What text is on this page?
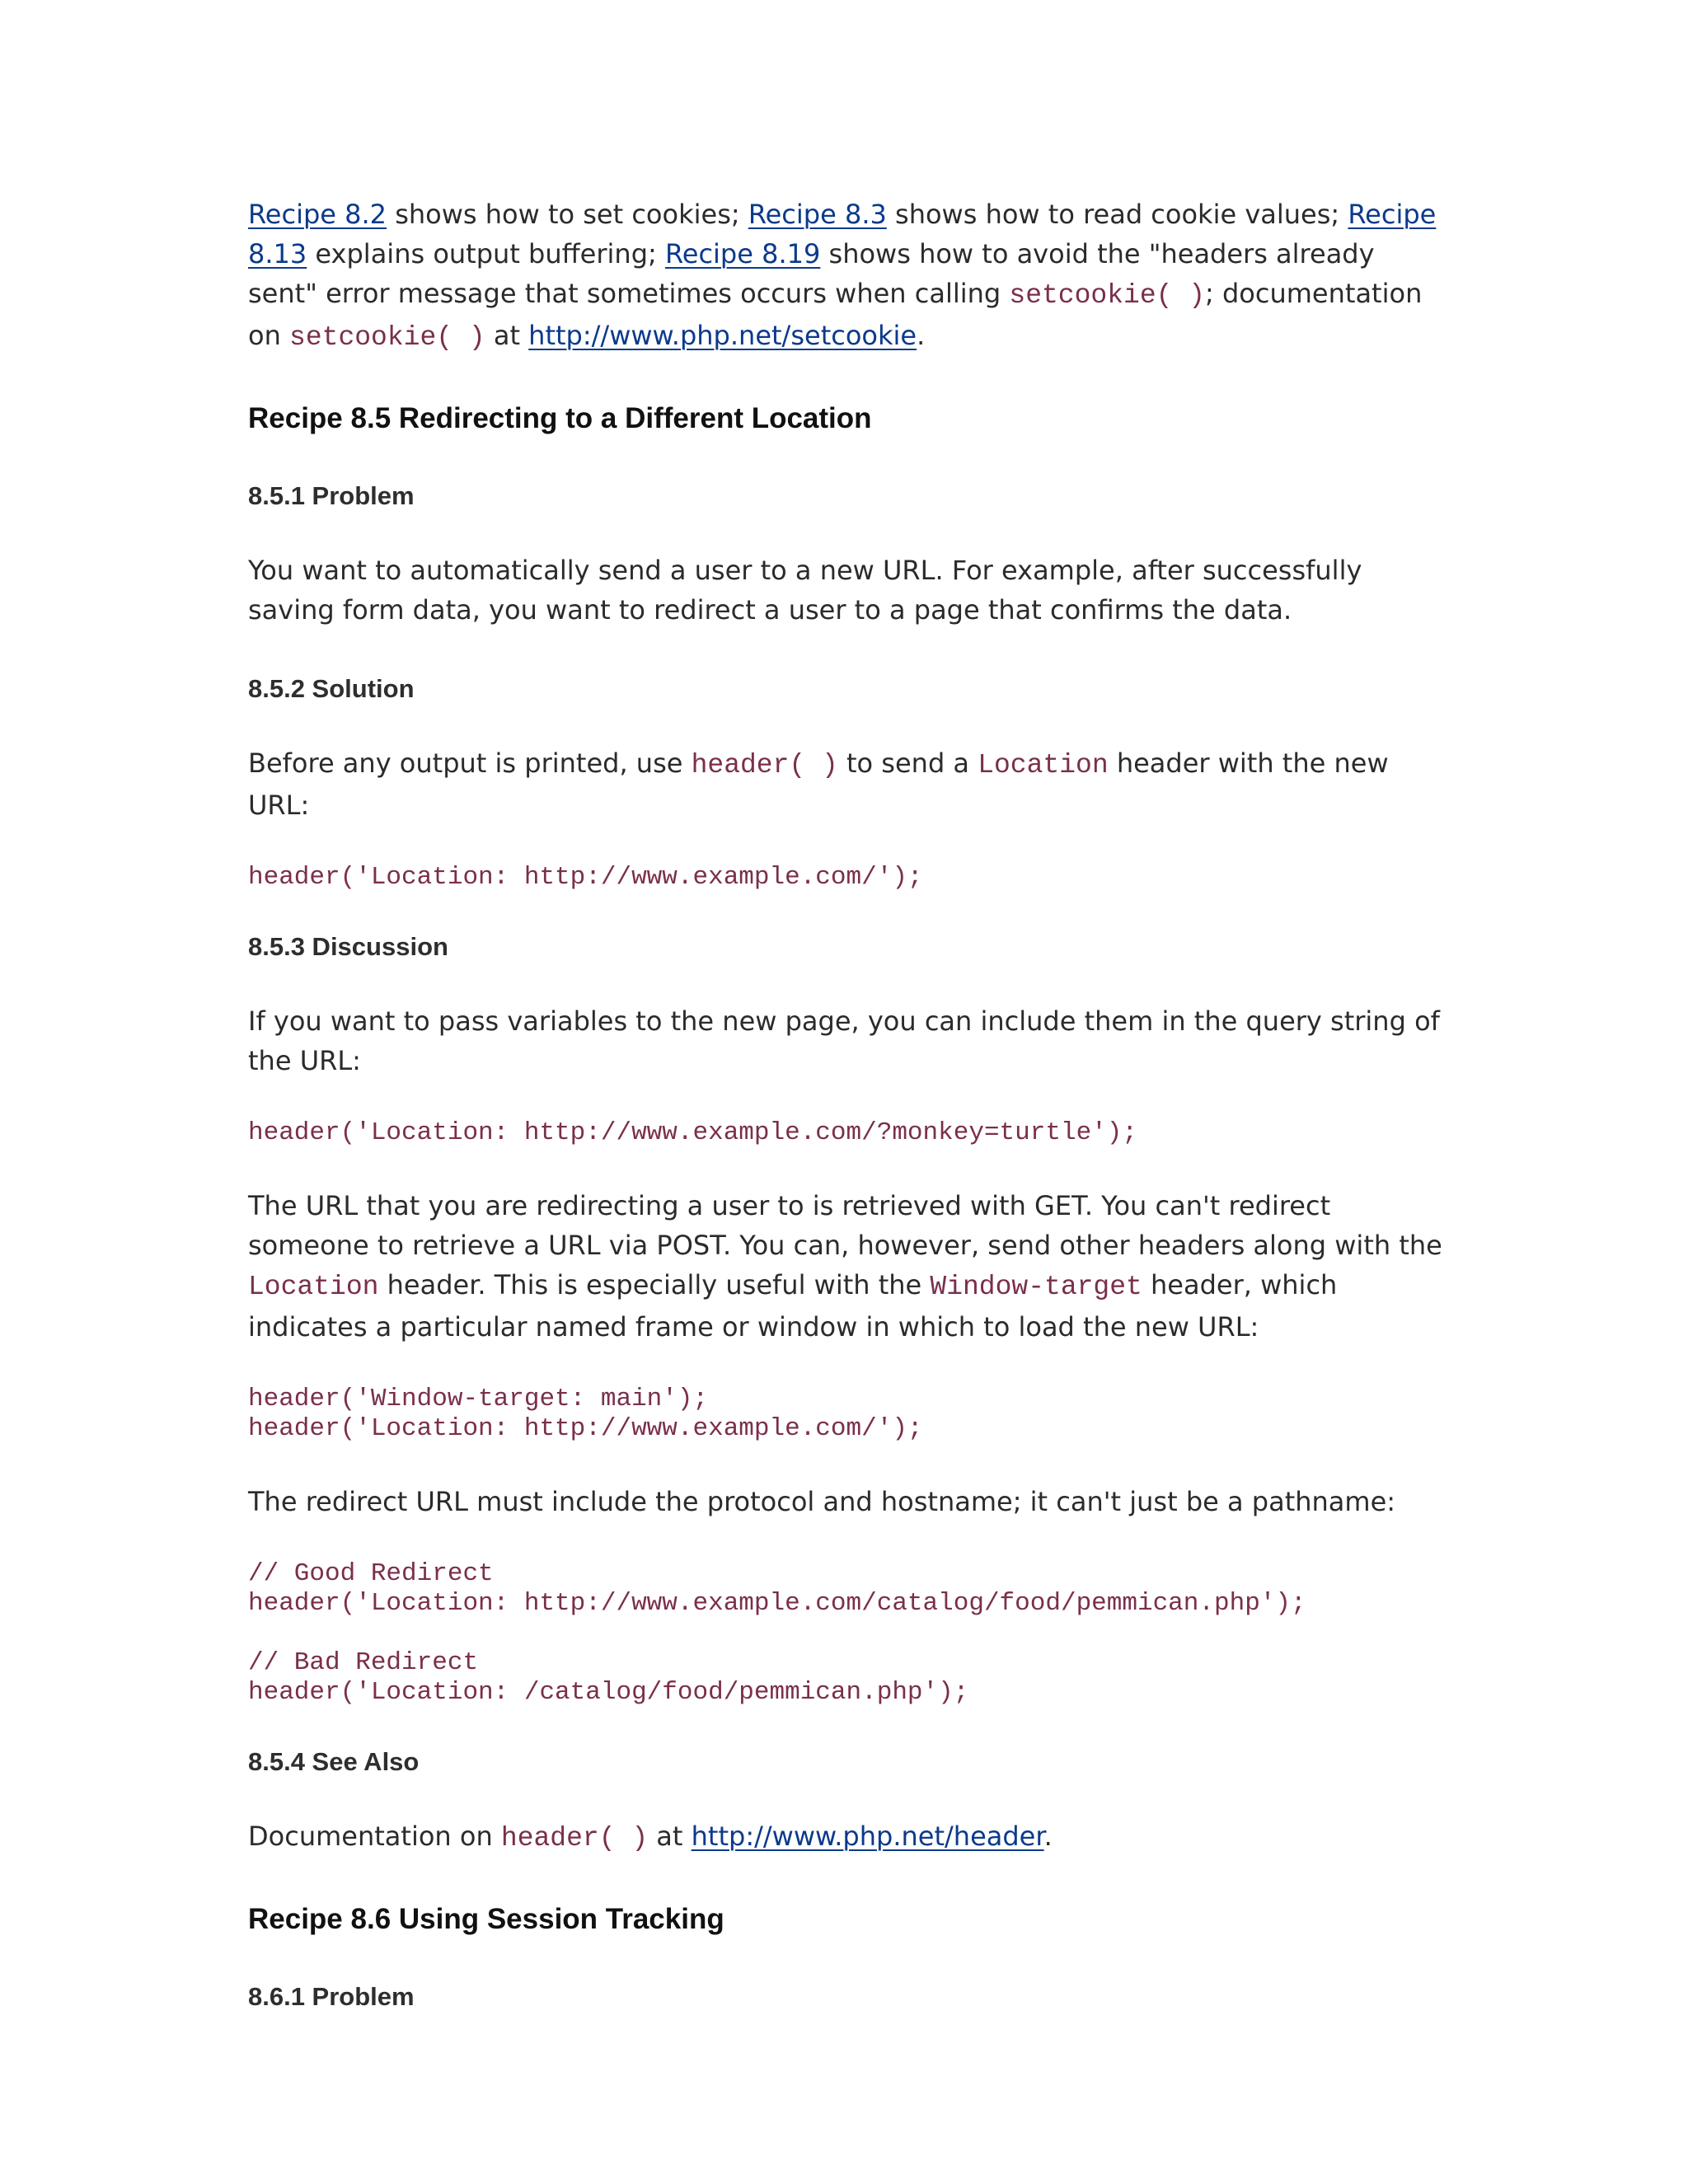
Recipe 8.2 shows how to set cookies; Recipe 8.3 shows how to read cookie values; Recipe 8.13 explains output buffering; Recipe 8.19 shows how to avoid the "headers already sent" error message that sometimes occurs when calling setcookie( ); documentation on setcookie( ) at http://www.php.net/setcookie.

Recipe 8.5 Redirecting to a Different Location
8.5.1 Problem

You want to automatically send a user to a new URL. For example, after successfully saving form data, you want to redirect a user to a page that confirms the data.

8.5.2 Solution

Before any output is printed, use header( ) to send a Location header with the new URL:

header('Location: http://www.example.com/');
8.5.3 Discussion

If you want to pass variables to the new page, you can include them in the query string of the URL:

header('Location: http://www.example.com/?monkey=turtle');

The URL that you are redirecting a user to is retrieved with GET. You can't redirect someone to retrieve a URL via POST. You can, however, send other headers along with the Location header. This is especially useful with the Window-target header, which indicates a particular named frame or window in which to load the new URL:

header('Window-target: main');
header('Location: http://www.example.com/');

The redirect URL must include the protocol and hostname; it can't just be a pathname:

// Good Redirect
header('Location: http://www.example.com/catalog/food/pemmican.php');

// Bad Redirect
header('Location: /catalog/food/pemmican.php');
8.5.4 See Also

Documentation on header( ) at http://www.php.net/header.

Recipe 8.6 Using Session Tracking
8.6.1 Problem
